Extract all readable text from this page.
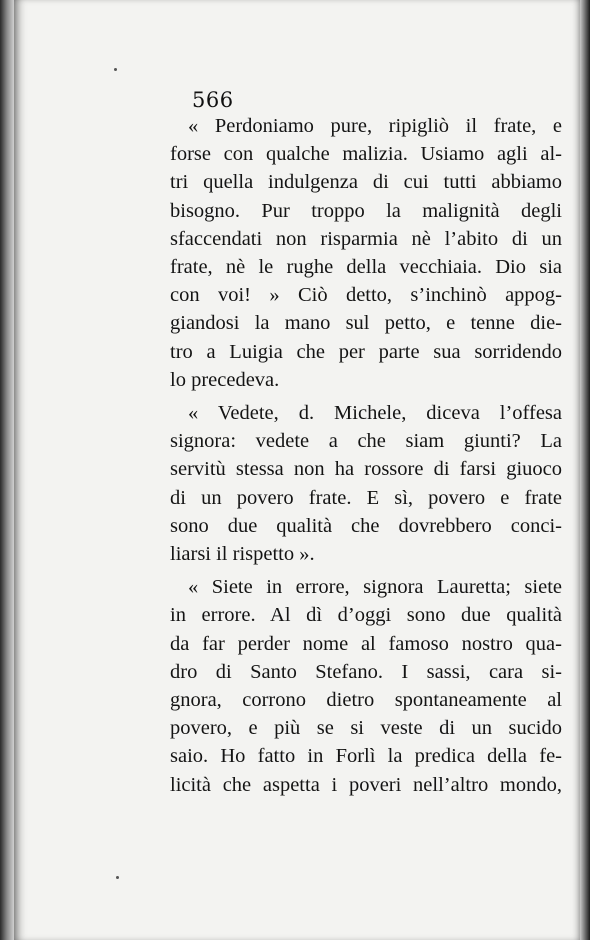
566

« Perdoniamo pure, ripigliò il frate, e
forse con qualche malizia. Usiamo agli al-
tri quella indulgenza di cui tutti abbiamo
bisogno. Pur troppo la malignità degli
sfaccendati non risparmia nè l’abito di un
frate, nè le rughe della vecchiaia. Dio sia
con voi! » Ciò detto, s’inchinò appog-
giandosi la mano sul petto, e tenne die-
tro a Luigia che per parte sua sorridendo
lo precedeva.

« Vedete, d. Michele, diceva l’offesa
signora: vedete a che siam giunti? La
servitù stessa non ha rossore di farsi giuoco
di un povero frate. E sì, povero e frate
sono due qualità che dovrebbero conci-
liarsi il rispetto ».

« Siete in errore, signora Lauretta; siete
in errore. Al dì d’oggi sono due qualità
da far perder nome al famoso nostro qua-
dro di Santo Stefano. I sassi, cara si-
gnora, corrono dietro spontaneamente al
povero, e più se si veste di un sucido
saio. Ho fatto in Forlì la predica della fe-
licità che aspetta i poveri nell’altro mondo,
